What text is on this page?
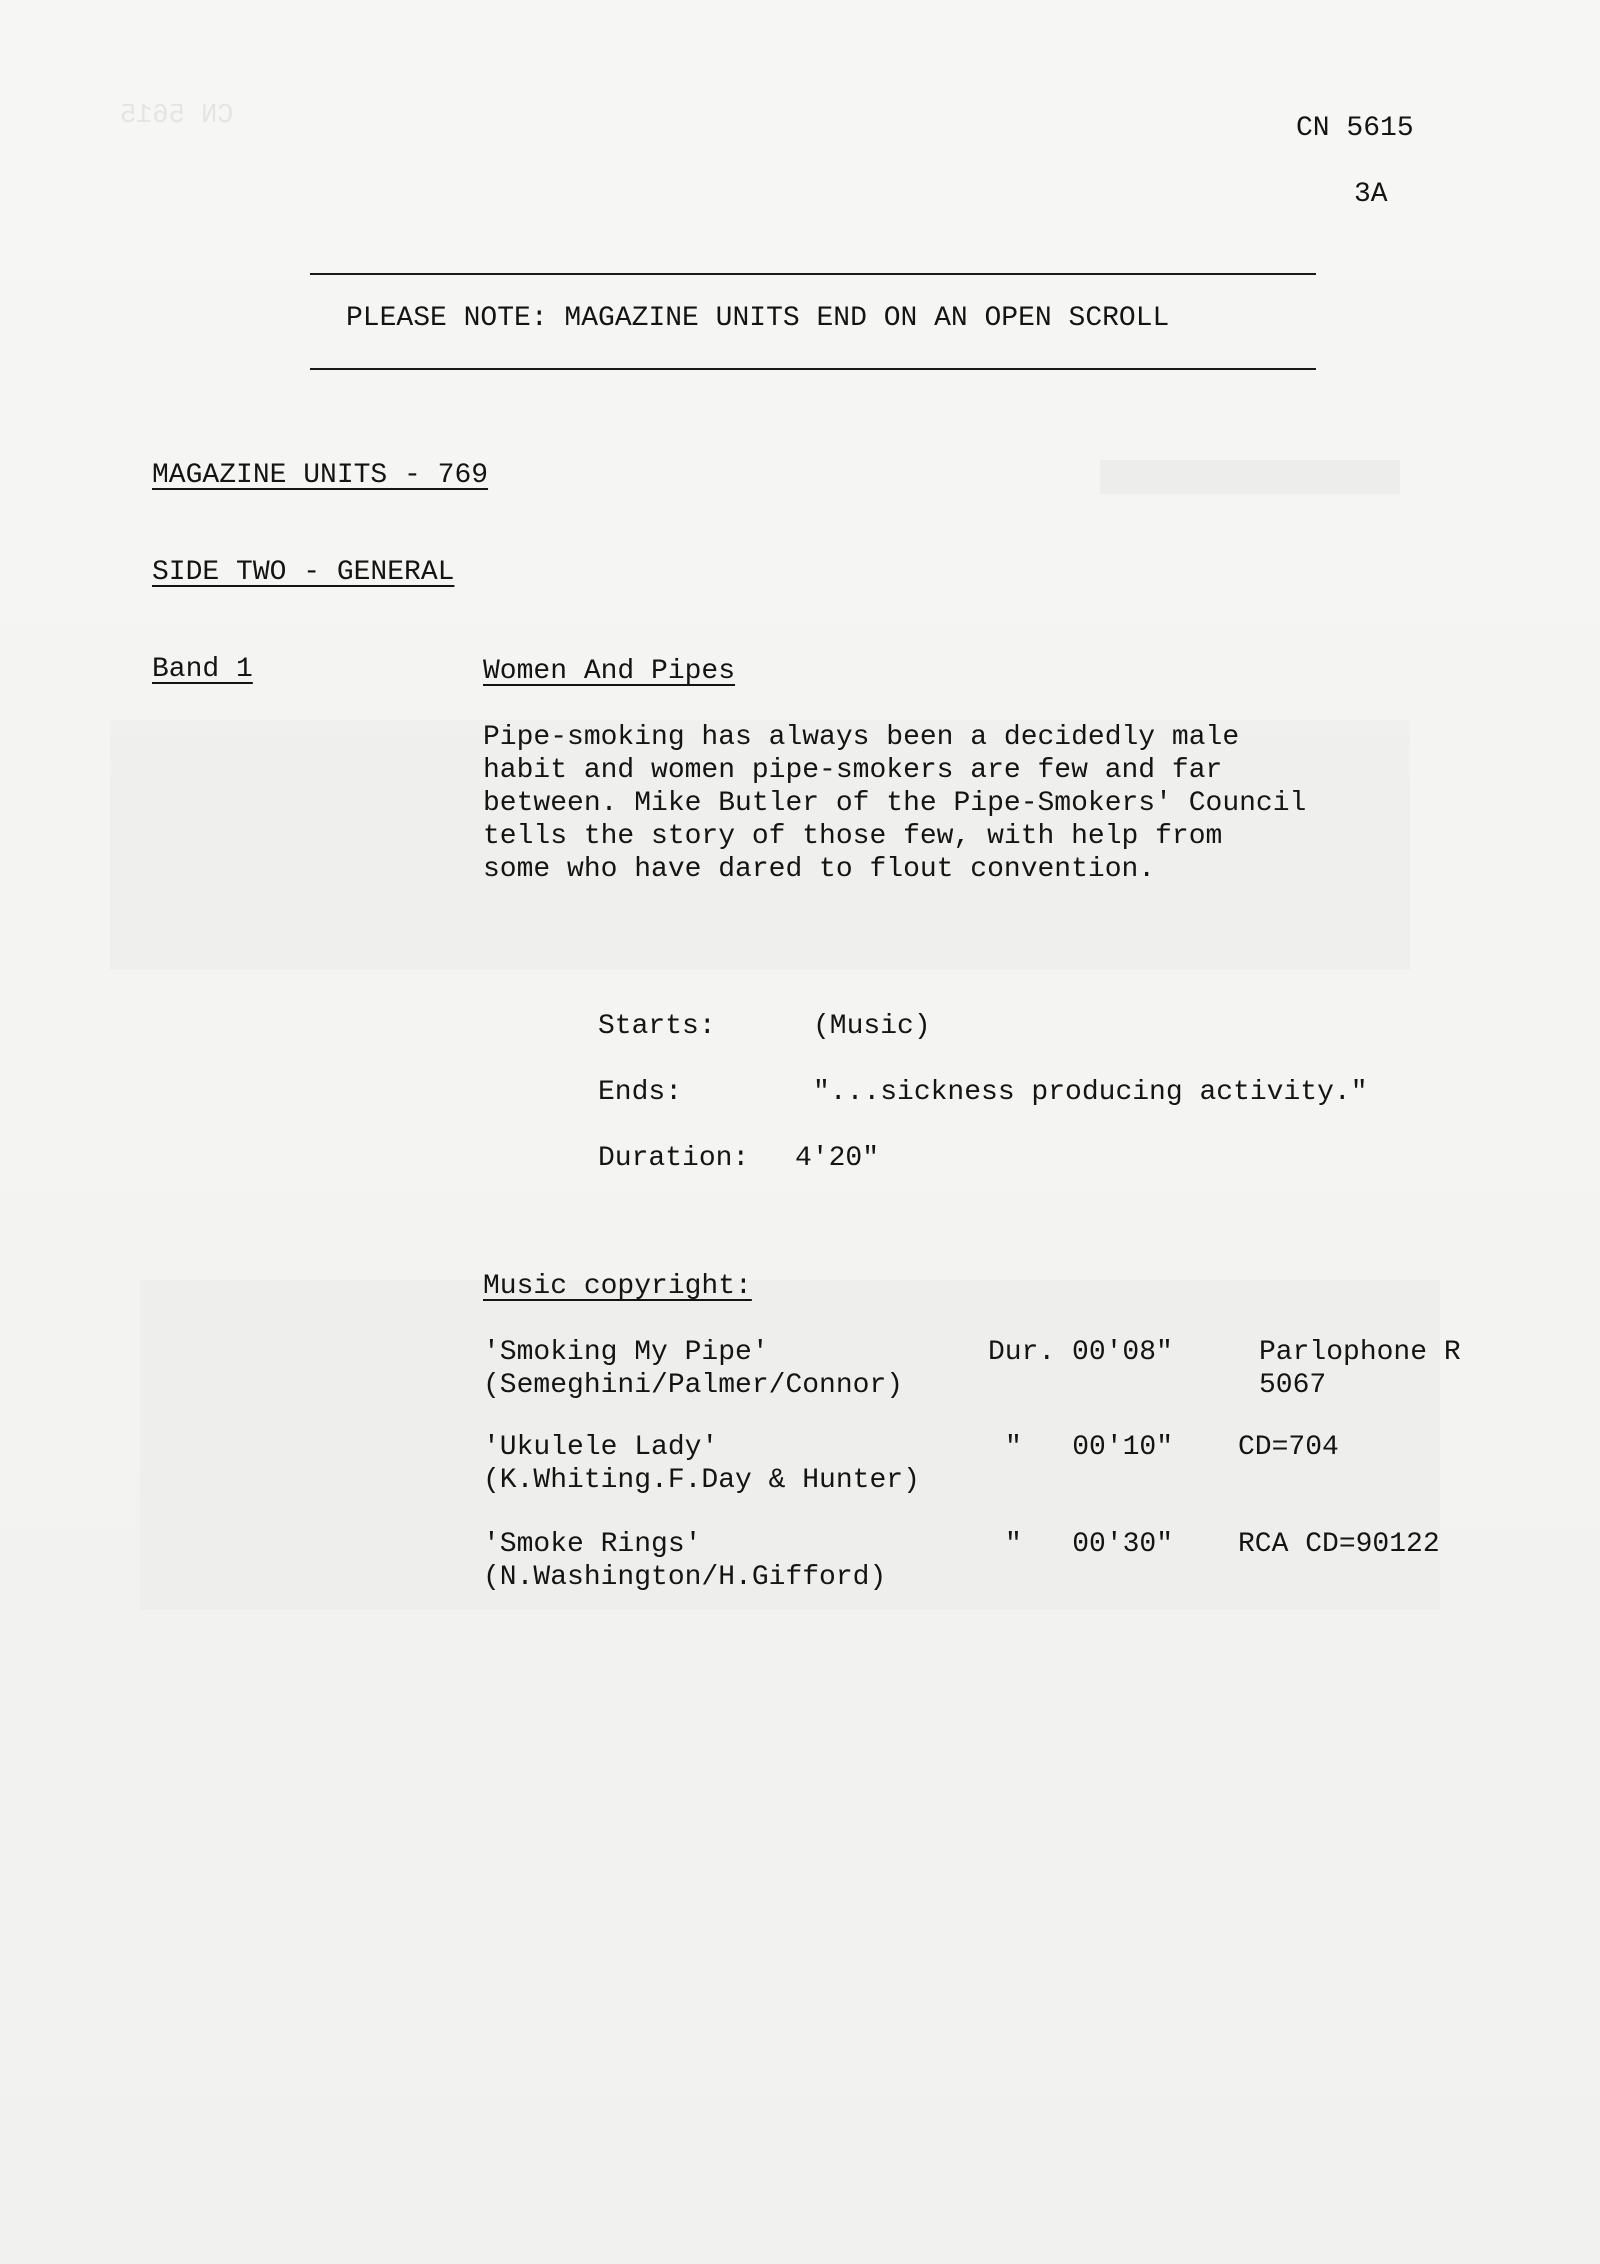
CN 5615	CN 5615
3A
PLEASE NOTE: MAGAZINE UNITS END ON AN OPEN SCROLL
MAGAZINE UNITS - 769
SIDE TWO - GENERAL
Band 1	Women And Pipes
Pipe-smoking has always been a decidedly male
habit and women pipe-smokers are few and far
between. Mike Butler of the Pipe-Smokers' Council
tells the story of those few, with help from
some who have dared to flout convention.
Starts:	(Music)
Ends:	"...sickness producing activity."
Duration: 4'20"
Music copyright:
'Smoking My Pipe'	Dur. 00'08"	Parlophone R
(Semeghini/Palmer/Connor)	5067
'Ukulele Lady'	"   00'10" CD=704
(K.Whiting.F.Day & Hunter)
'Smoke Rings'	"   00'30" RCA CD=90122
(N.Washington/H.Gifford)
